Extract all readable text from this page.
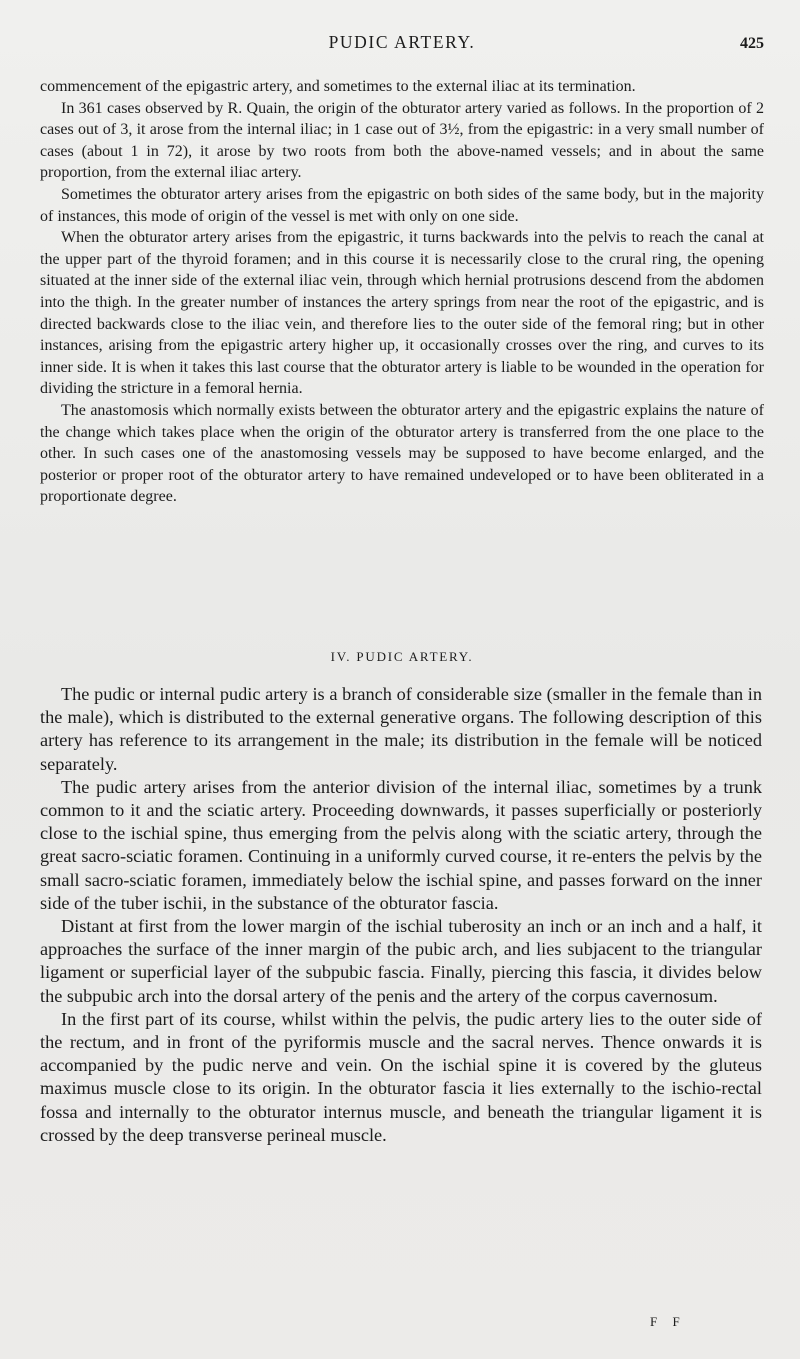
PUDIC ARTERY.	425

commencement of the epigastric artery, and sometimes to the external iliac at its termination.

In 361 cases observed by R. Quain, the origin of the obturator artery varied as follows. In the proportion of 2 cases out of 3, it arose from the internal iliac; in 1 case out of 3½, from the epigastric: in a very small number of cases (about 1 in 72), it arose by two roots from both the above-named vessels; and in about the same proportion, from the external iliac artery.

Sometimes the obturator artery arises from the epigastric on both sides of the same body, but in the majority of instances, this mode of origin of the vessel is met with only on one side.

When the obturator artery arises from the epigastric, it turns backwards into the pelvis to reach the canal at the upper part of the thyroid foramen; and in this course it is necessarily close to the crural ring, the opening situated at the inner side of the external iliac vein, through which hernial protrusions descend from the abdomen into the thigh. In the greater number of instances the artery springs from near the root of the epigastric, and is directed backwards close to the iliac vein, and therefore lies to the outer side of the femoral ring; but in other instances, arising from the epigastric artery higher up, it occasionally crosses over the ring, and curves to its inner side. It is when it takes this last course that the obturator artery is liable to be wounded in the operation for dividing the stricture in a femoral hernia.

The anastomosis which normally exists between the obturator artery and the epigastric explains the nature of the change which takes place when the origin of the obturator artery is transferred from the one place to the other. In such cases one of the anastomosing vessels may be supposed to have become enlarged, and the posterior or proper root of the obturator artery to have remained undeveloped or to have been obliterated in a proportionate degree.

IV. PUDIC ARTERY.

The pudic or internal pudic artery is a branch of considerable size (smaller in the female than in the male), which is distributed to the external generative organs. The following description of this artery has reference to its arrangement in the male; its distribution in the female will be noticed separately.

The pudic artery arises from the anterior division of the internal iliac, sometimes by a trunk common to it and the sciatic artery. Proceeding downwards, it passes superficially or posteriorly close to the ischial spine, thus emerging from the pelvis along with the sciatic artery, through the great sacro-sciatic foramen. Continuing in a uniformly curved course, it re-enters the pelvis by the small sacro-sciatic foramen, immediately below the ischial spine, and passes forward on the inner side of the tuber ischii, in the substance of the obturator fascia.

Distant at first from the lower margin of the ischial tuberosity an inch or an inch and a half, it approaches the surface of the inner margin of the pubic arch, and lies subjacent to the triangular ligament or superficial layer of the subpubic fascia. Finally, piercing this fascia, it divides below the subpubic arch into the dorsal artery of the penis and the artery of the corpus cavernosum.

In the first part of its course, whilst within the pelvis, the pudic artery lies to the outer side of the rectum, and in front of the pyriformis muscle and the sacral nerves. Thence onwards it is accompanied by the pudic nerve and vein. On the ischial spine it is covered by the gluteus maximus muscle close to its origin. In the obturator fascia it lies externally to the ischio-rectal fossa and internally to the obturator internus muscle, and beneath the triangular ligament it is crossed by the deep transverse perineal muscle.

F F
